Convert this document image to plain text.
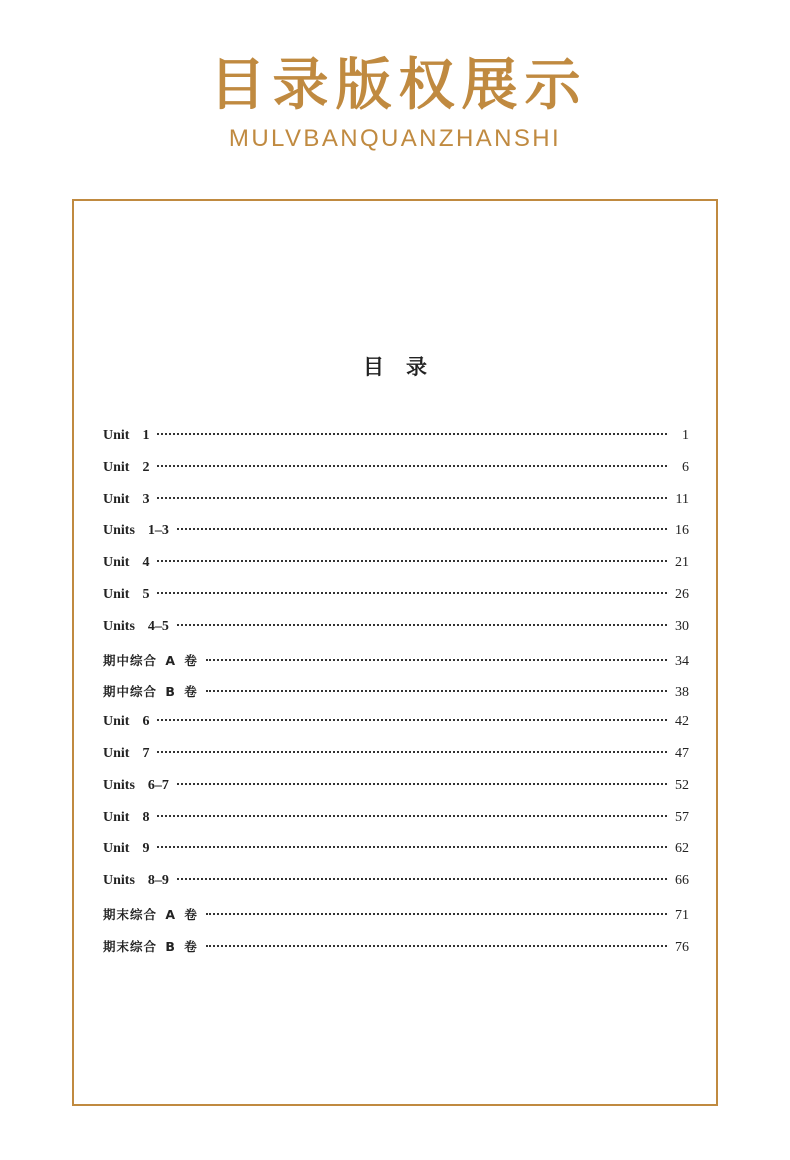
目录版权展示
MULVBANQUANZHANSHI
目 录
Unit  1	1
Unit  2	6
Unit  3	11
Units  1–3	16
Unit  4	21
Unit  5	26
Units  4–5	30
期中综合 A 卷	34
期中综合 B 卷	38
Unit  6	42
Unit  7	47
Units  6–7	52
Unit  8	57
Unit  9	62
Units  8–9	66
期末综合 A 卷	71
期末综合 B 卷	76
